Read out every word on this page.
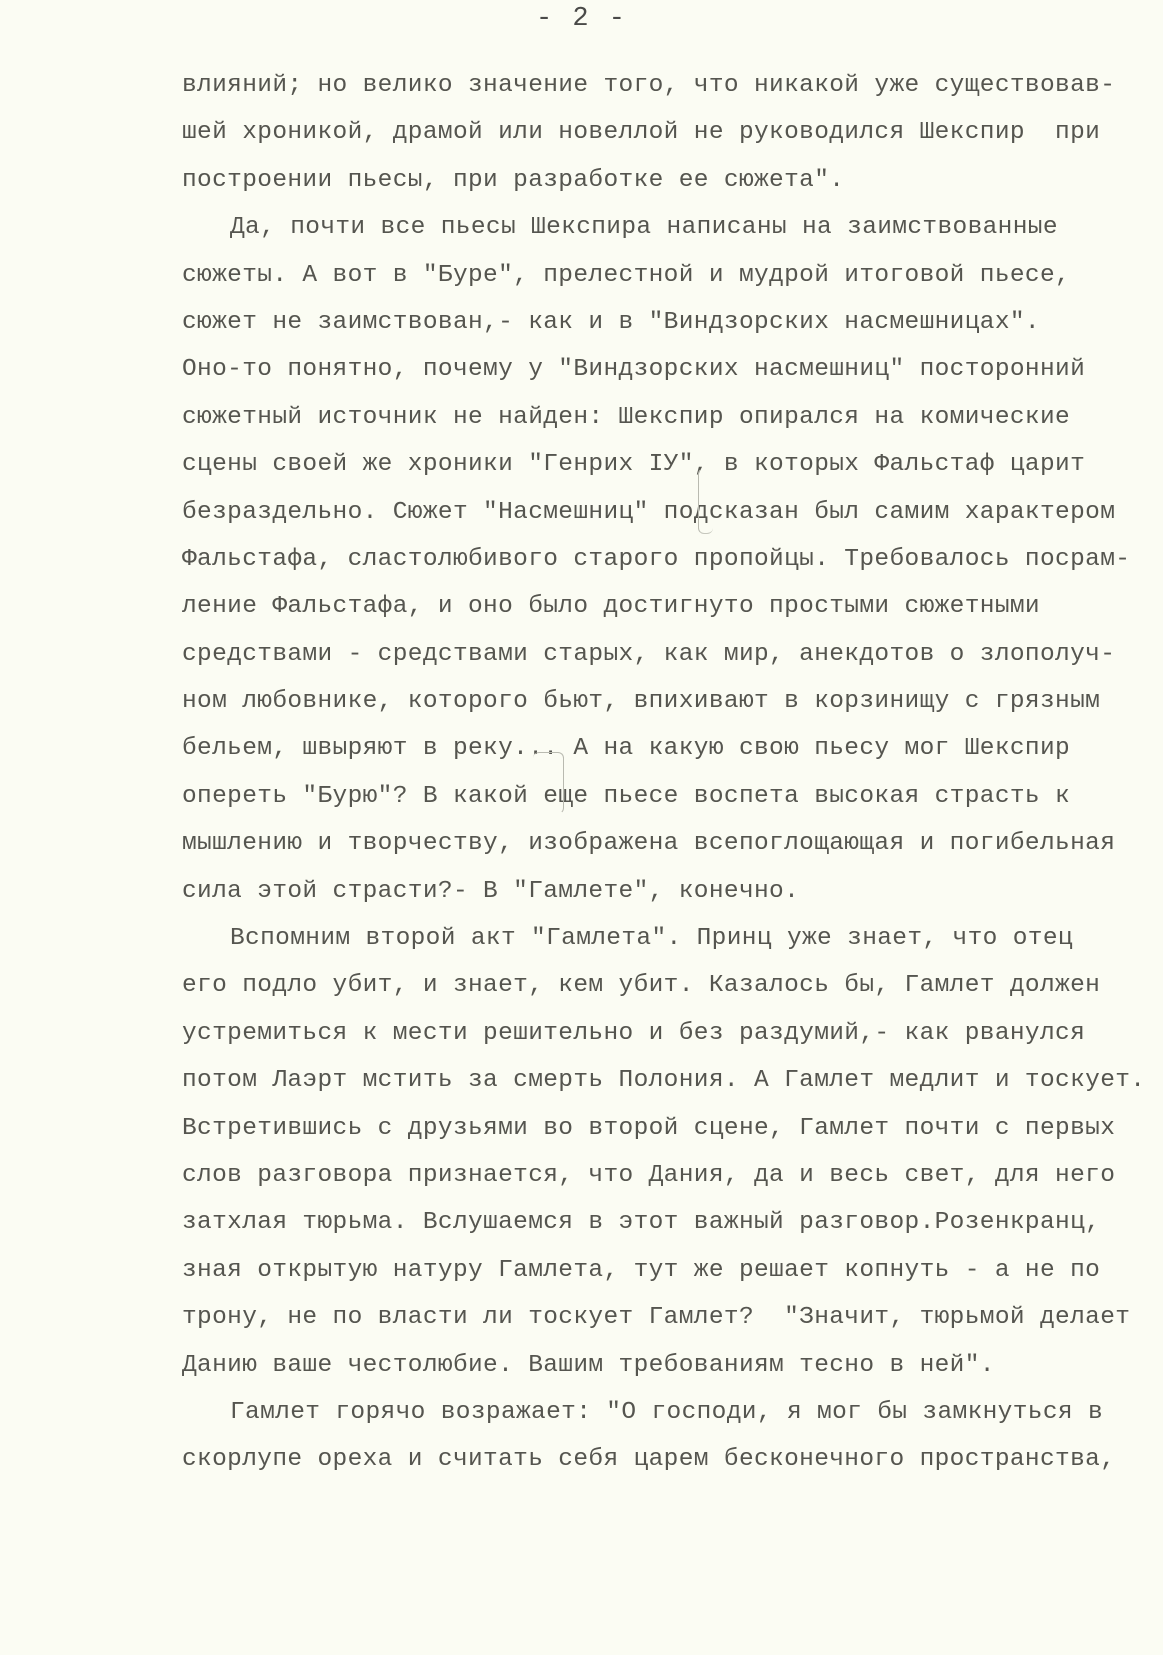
- 2 -
влияний; но велико значение того, что никакой уже существовав-
шей хроникой, драмой или новеллой не руководился Шекспир  при
построении пьесы, при разработке ее сюжета".
Да, почти все пьесы Шекспира написаны на заимствованные
сюжеты. А вот в "Буре", прелестной и мудрой итоговой пьесе,
сюжет не заимствован,- как и в "Виндзорских насмешницах".
Оно-то понятно, почему у "Виндзорских насмешниц" посторонний
сюжетный источник не найден: Шекспир опирался на комические
сцены своей же хроники "Генрих IУ", в которых Фальстаф царит
безраздельно. Сюжет "Насмешниц" подсказан был самим характером
Фальстафа, сластолюбивого старого пропойцы. Требовалось посрам-
ление Фальстафа, и оно было достигнуто простыми сюжетными
средствами - средствами старых, как мир, анекдотов о злополуч-
ном любовнике, которого бьют, впихивают в корзинищу с грязным
бельем, швыряют в реку... А на какую свою пьесу мог Шекспир
опереть "Бурю"? В какой еще пьесе воспета высокая страсть к
мышлению и творчеству, изображена всепоглощающая и погибельная
сила этой страсти?- В "Гамлете", конечно.
Вспомним второй акт "Гамлета". Принц уже знает, что отец
его подло убит, и знает, кем убит. Казалось бы, Гамлет должен
устремиться к мести решительно и без раздумий,- как рванулся
потом Лаэрт мстить за смерть Полония. А Гамлет медлит и тоскует.
Встретившись с друзьями во второй сцене, Гамлет почти с первых
слов разговора признается, что Дания, да и весь свет, для него
затхлая тюрьма. Вслушаемся в этот важный разговор.Розенкранц,
зная открытую натуру Гамлета, тут же решает копнуть - а не по
трону, не по власти ли тоскует Гамлет?  "Значит, тюрьмой делает
Данию ваше честолюбие. Вашим требованиям тесно в ней".
Гамлет горячо возражает: "О господи, я мог бы замкнуться в
скорлупе ореха и считать себя царем бесконечного пространства,
